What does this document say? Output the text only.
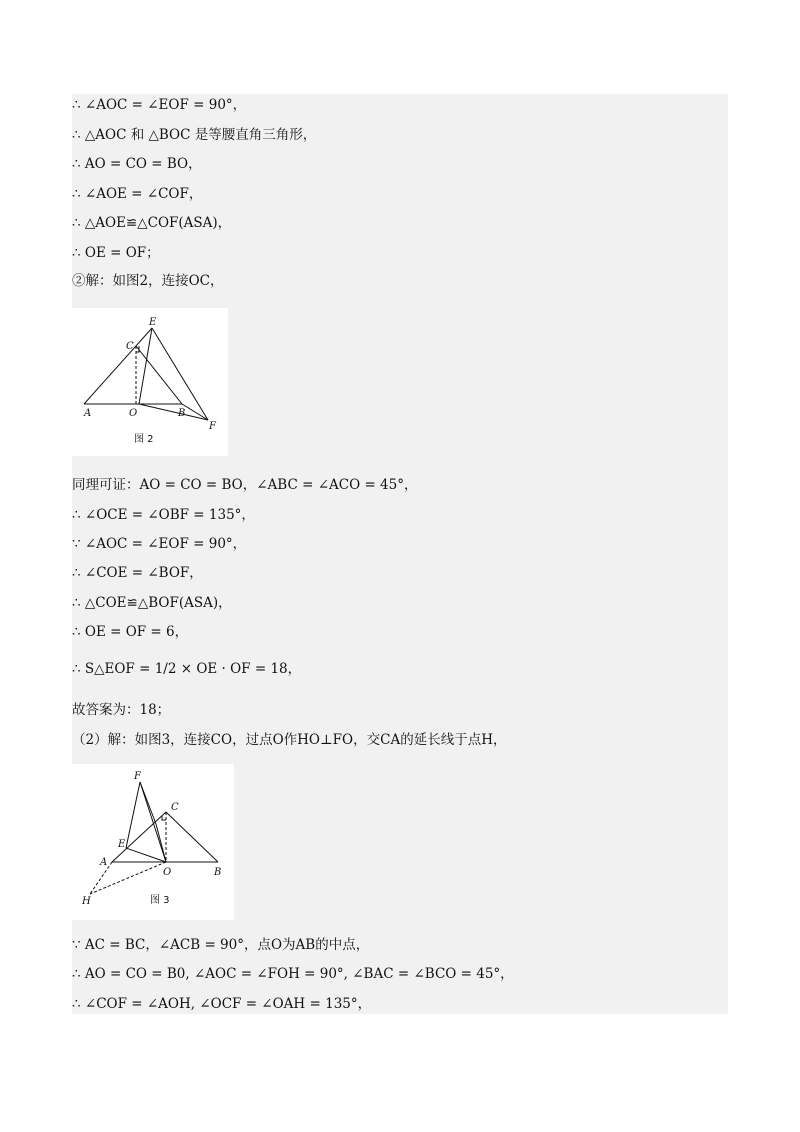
∴ ∠AOC = ∠EOF = 90°，
∴ △AOC 和 △BOC 是等腰直角三角形，
∴ AO = CO = BO，
∴ ∠AOE = ∠COF，
∴ △AOE≌△COF(ASA)，
∴ OE = OF；
②解：如图2，连接OC，
E
C
A	O	B
F
图 2
同理可证：AO = CO = BO，∠ABC = ∠ACO = 45°，
∴ ∠OCE = ∠OBF = 135°，
∵ ∠AOC = ∠EOF = 90°，
∴ ∠COE = ∠BOF，
∴ △COE≌△BOF(ASA)，
∴ OE = OF = 6，
∴ S△EOF = 1/2 × OE · OF = 18，
故答案为：18；
（2）解：如图3，连接CO，过点O作HO⊥FO，交CA的延长线于点H，
F
C
E
A
O	B
H	图 3
∵ AC = BC，∠ACB = 90°，点O为AB的中点，
∴ AO = CO = B0, ∠AOC = ∠FOH = 90°, ∠BAC = ∠BCO = 45°，
∴ ∠COF = ∠AOH, ∠OCF = ∠OAH = 135°，
